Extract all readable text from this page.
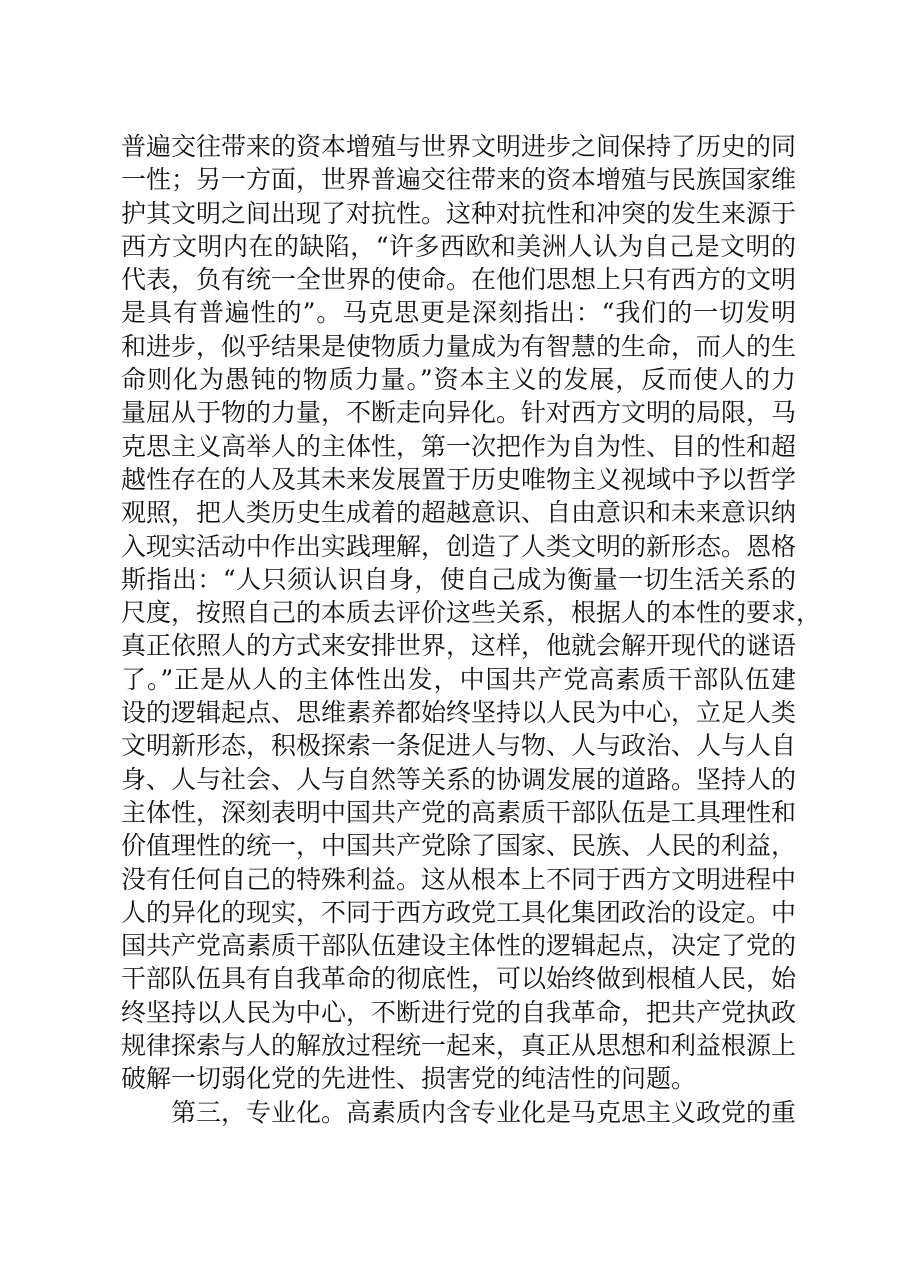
普遍交往带来的资本增殖与世界文明进步之间保持了历史的同
一性；另一方面，世界普遍交往带来的资本增殖与民族国家维
护其文明之间出现了对抗性。这种对抗性和冲突的发生来源于
西方文明内在的缺陷，“许多西欧和美洲人认为自己是文明的
代表，负有统一全世界的使命。在他们思想上只有西方的文明
是具有普遍性的”。马克思更是深刻指出：“我们的一切发明
和进步，似乎结果是使物质力量成为有智慧的生命，而人的生
命则化为愚钝的物质力量。”资本主义的发展，反而使人的力
量屈从于物的力量，不断走向异化。针对西方文明的局限，马
克思主义高举人的主体性，第一次把作为自为性、目的性和超
越性存在的人及其未来发展置于历史唯物主义视域中予以哲学
观照，把人类历史生成着的超越意识、自由意识和未来意识纳
入现实活动中作出实践理解，创造了人类文明的新形态。恩格
斯指出：“人只须认识自身，使自己成为衡量一切生活关系的
尺度，按照自己的本质去评价这些关系，根据人的本性的要求，
真正依照人的方式来安排世界，这样，他就会解开现代的谜语
了。”正是从人的主体性出发，中国共产党高素质干部队伍建
设的逻辑起点、思维素养都始终坚持以人民为中心，立足人类
文明新形态，积极探索一条促进人与物、人与政治、人与人自
身、人与社会、人与自然等关系的协调发展的道路。坚持人的
主体性，深刻表明中国共产党的高素质干部队伍是工具理性和
价值理性的统一，中国共产党除了国家、民族、人民的利益，
没有任何自己的特殊利益。这从根本上不同于西方文明进程中
人的异化的现实，不同于西方政党工具化集团政治的设定。中
国共产党高素质干部队伍建设主体性的逻辑起点，决定了党的
干部队伍具有自我革命的彻底性，可以始终做到根植人民，始
终坚持以人民为中心，不断进行党的自我革命，把共产党执政
规律探索与人的解放过程统一起来，真正从思想和利益根源上
破解一切弱化党的先进性、损害党的纯洁性的问题。
第三，专业化。高素质内含专业化是马克思主义政党的重
